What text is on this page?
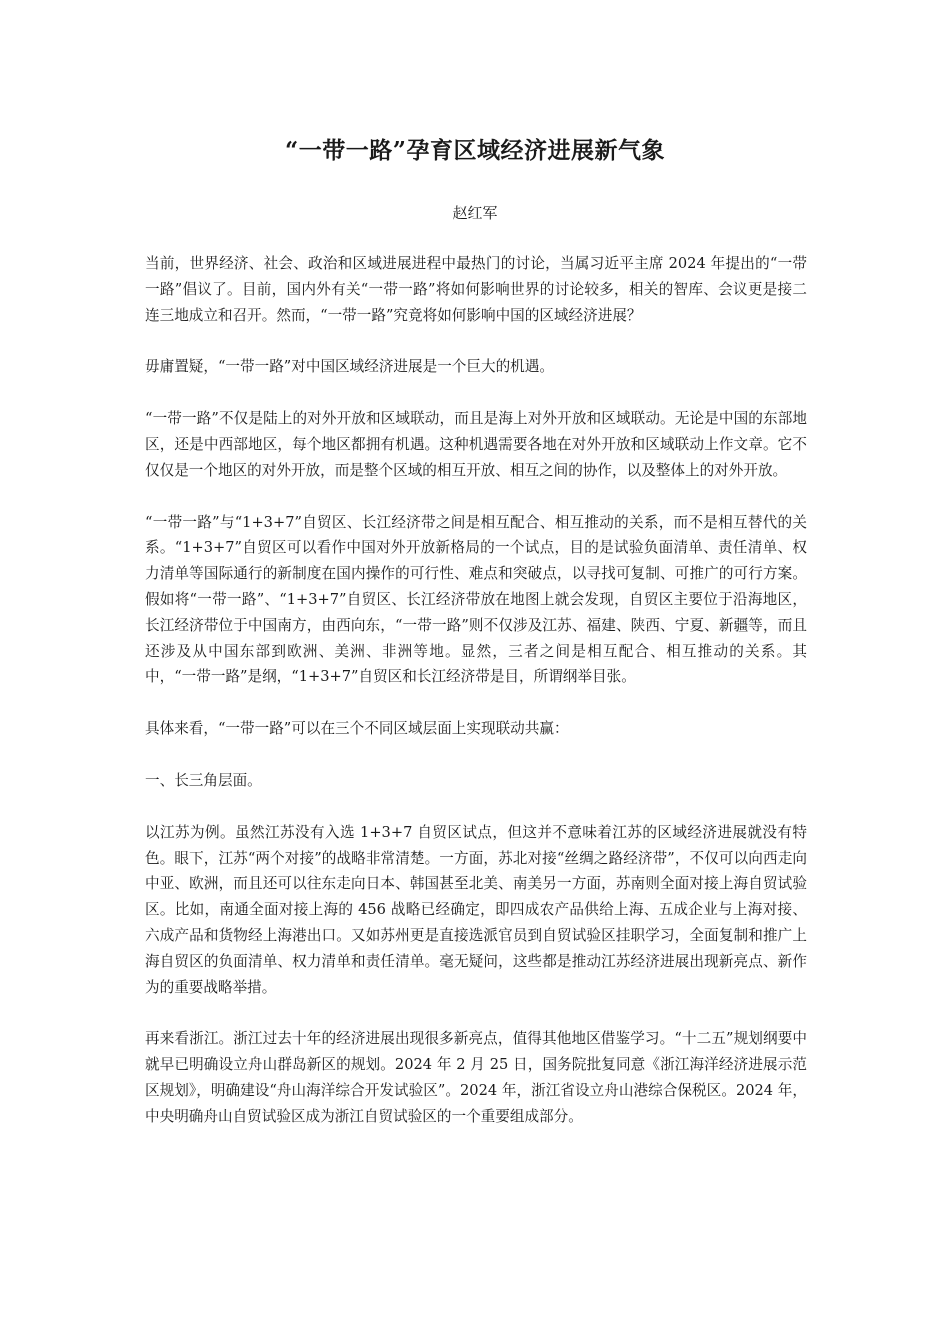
“一带一路”孕育区域经济进展新气象

赵红军

当前，世界经济、社会、政治和区域进展进程中最热门的讨论，当属习近平主席 2024 年提出的“一带一路”倡议了。目前，国内外有关“一带一路”将如何影响世界的讨论较多，相关的智库、会议更是接二连三地成立和召开。然而，“一带一路”究竟将如何影响中国的区域经济进展？

毋庸置疑，“一带一路”对中国区域经济进展是一个巨大的机遇。

“一带一路”不仅是陆上的对外开放和区域联动，而且是海上对外开放和区域联动。无论是中国的东部地区，还是中西部地区，每个地区都拥有机遇。这种机遇需要各地在对外开放和区域联动上作文章。它不仅仅是一个地区的对外开放，而是整个区域的相互开放、相互之间的协作，以及整体上的对外开放。

“一带一路”与“1+3+7”自贸区、长江经济带之间是相互配合、相互推动的关系，而不是相互替代的关系。“1+3+7”自贸区可以看作中国对外开放新格局的一个试点，目的是试验负面清单、责任清单、权力清单等国际通行的新制度在国内操作的可行性、难点和突破点，以寻找可复制、可推广的可行方案。假如将“一带一路”、“1+3+7”自贸区、长江经济带放在地图上就会发现，自贸区主要位于沿海地区，长江经济带位于中国南方，由西向东，“一带一路”则不仅涉及江苏、福建、陕西、宁夏、新疆等，而且还涉及从中国东部到欧洲、美洲、非洲等地。显然，三者之间是相互配合、相互推动的关系。其中，“一带一路”是纲，“1+3+7”自贸区和长江经济带是目，所谓纲举目张。

具体来看，“一带一路”可以在三个不同区域层面上实现联动共赢：

一、长三角层面。

以江苏为例。虽然江苏没有入选 1+3+7 自贸区试点，但这并不意味着江苏的区域经济进展就没有特色。眼下，江苏“两个对接”的战略非常清楚。一方面，苏北对接“丝绸之路经济带”，不仅可以向西走向中亚、欧洲，而且还可以往东走向日本、韩国甚至北美、南美另一方面，苏南则全面对接上海自贸试验区。比如，南通全面对接上海的 456 战略已经确定，即四成农产品供给上海、五成企业与上海对接、六成产品和货物经上海港出口。又如苏州更是直接选派官员到自贸试验区挂职学习，全面复制和推广上海自贸区的负面清单、权力清单和责任清单。毫无疑问，这些都是推动江苏经济进展出现新亮点、新作为的重要战略举措。

再来看浙江。浙江过去十年的经济进展出现很多新亮点，值得其他地区借鉴学习。“十二五”规划纲要中就早已明确设立舟山群岛新区的规划。2024 年 2 月 25 日，国务院批复同意《浙江海洋经济进展示范区规划》，明确建设“舟山海洋综合开发试验区”。2024 年，浙江省设立舟山港综合保税区。2024 年，中央明确舟山自贸试验区成为浙江自贸试验区的一个重要组成部分。
